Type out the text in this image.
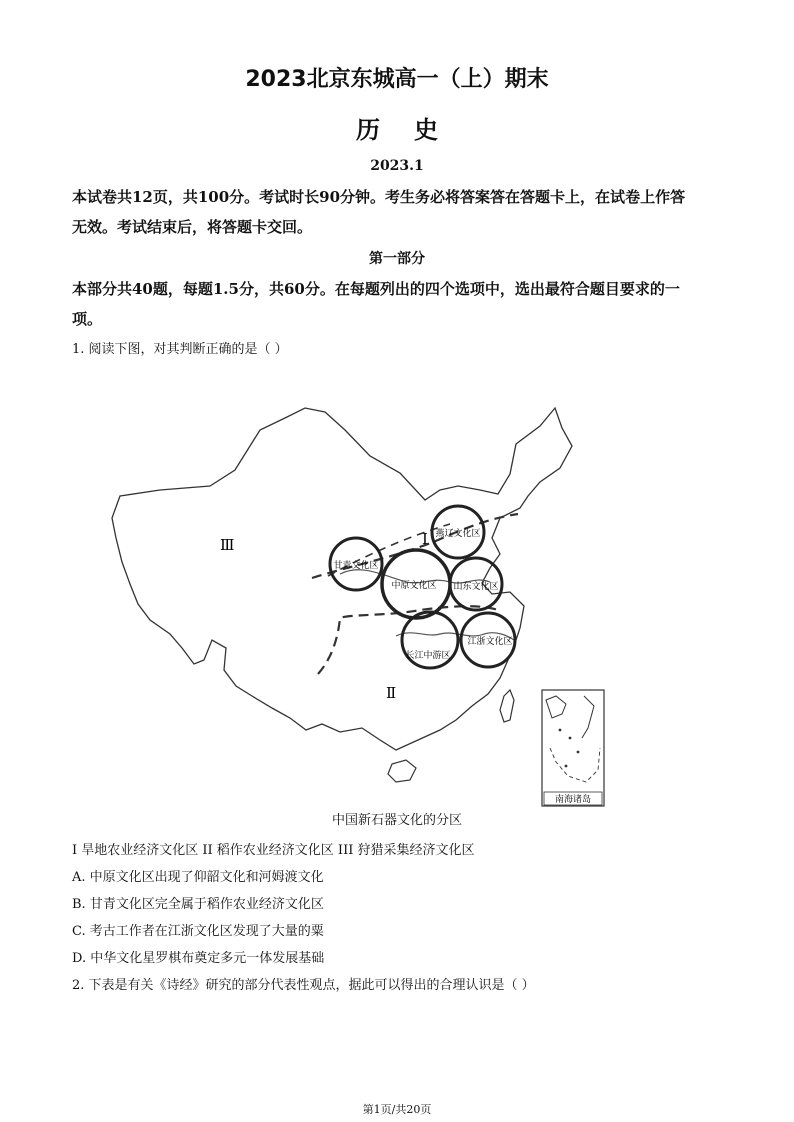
2023北京东城高一（上）期末
历史
2023.1
本试卷共12页，共100分。考试时长90分钟。考生务必将答案答在答题卡上，在试卷上作答
无效。考试结束后，将答题卡交回。
第一部分
本部分共40题，每题1.5分，共60分。在每题列出的四个选项中，选出最符合题目要求的一
项。
1. 阅读下图，对其判断正确的是（ ）
燕辽文化区
甘青文化区
中原文化区 山东文化区
江浙文化区
长江中游区
Ⅰ
Ⅱ
Ⅲ
南海诸岛
中国新石器文化的分区
I 旱地农业经济文化区 II 稻作农业经济文化区 III 狩猎采集经济文化区
A. 中原文化区出现了仰韶文化和河姆渡文化
B. 甘青文化区完全属于稻作农业经济文化区
C. 考古工作者在江浙文化区发现了大量的粟
D. 中华文化星罗棋布奠定多元一体发展基础
2. 下表是有关《诗经》研究的部分代表性观点，据此可以得出的合理认识是（ ）
第1页/共20页
